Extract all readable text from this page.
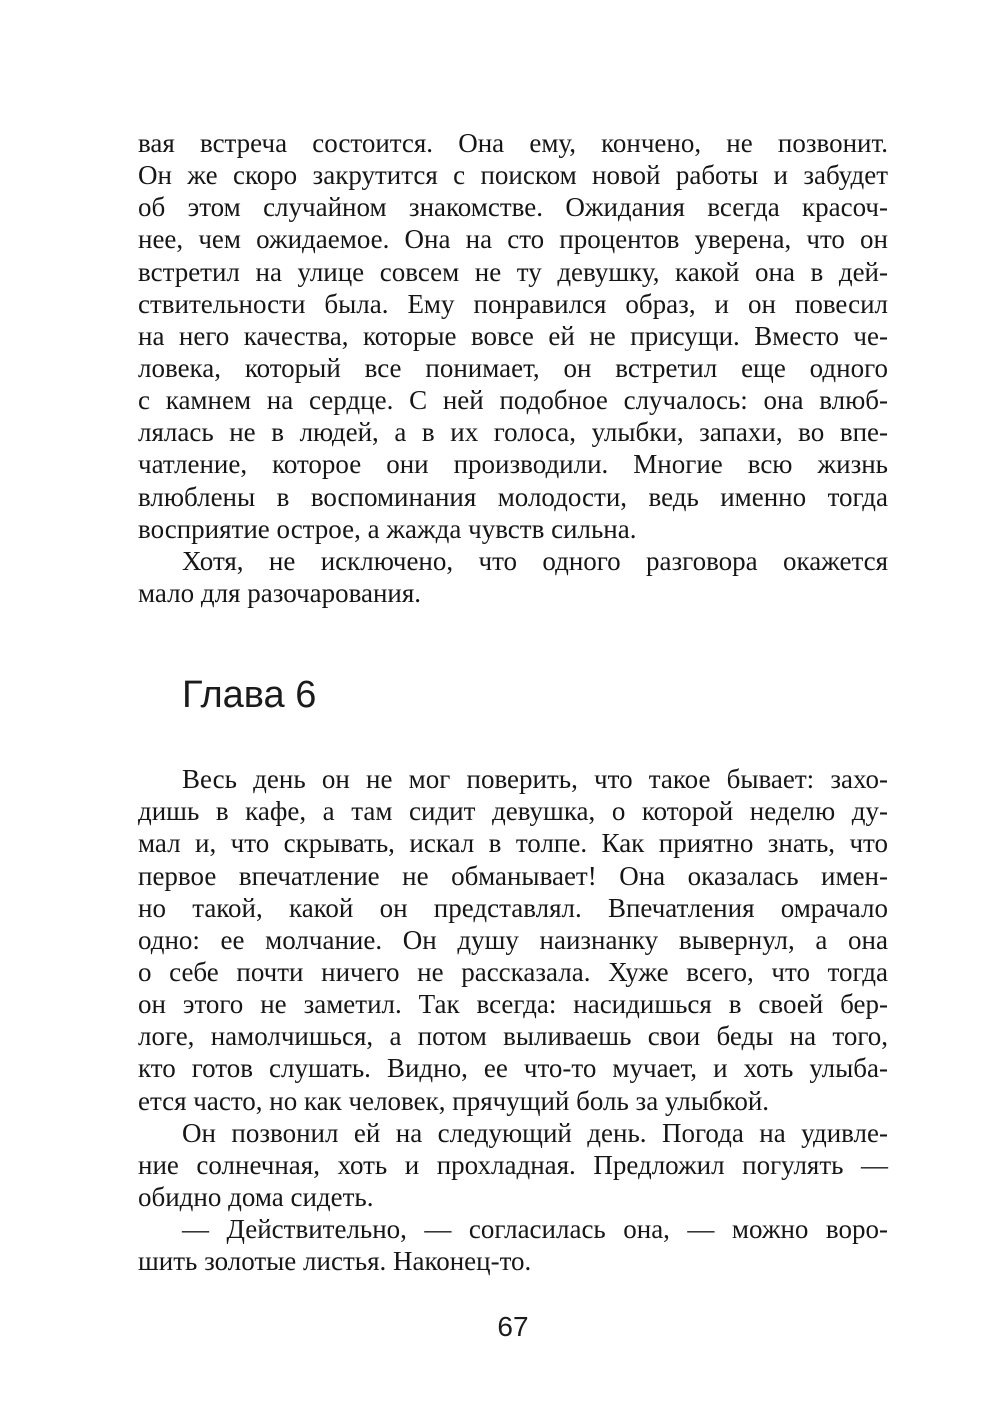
вая встреча состоится. Она ему, кончено, не позвонит.
Он же скоро закрутится с поиском новой работы и забудет
об этом случайном знакомстве. Ожидания всегда красоч-
нее, чем ожидаемое. Она на сто процентов уверена, что он
встретил на улице совсем не ту девушку, какой она в дей-
ствительности была. Ему понравился образ, и он повесил
на него качества, которые вовсе ей не присущи. Вместо че-
ловека, который все понимает, он встретил еще одного
с камнем на сердце. С ней подобное случалось: она влюб-
лялась не в людей, а в их голоса, улыбки, запахи, во впе-
чатление, которое они производили. Многие всю жизнь
влюблены в воспоминания молодости, ведь именно тогда
восприятие острое, а жажда чувств сильна.
Хотя, не исключено, что одного разговора окажется
мало для разочарования.
Глава 6
Весь день он не мог поверить, что такое бывает: захо-
дишь в кафе, а там сидит девушка, о которой неделю ду-
мал и, что скрывать, искал в толпе. Как приятно знать, что
первое впечатление не обманывает! Она оказалась имен-
но такой, какой он представлял. Впечатления омрачало
одно: ее молчание. Он душу наизнанку вывернул, а она
о себе почти ничего не рассказала. Хуже всего, что тогда
он этого не заметил. Так всегда: насидишься в своей бер-
логе, намолчишься, а потом выливаешь свои беды на того,
кто готов слушать. Видно, ее что-то мучает, и хоть улыба-
ется часто, но как человек, прячущий боль за улыбкой.
Он позвонил ей на следующий день. Погода на удивле-
ние солнечная, хоть и прохладная. Предложил погулять —
обидно дома сидеть.
— Действительно, — согласилась она, — можно воро-
шить золотые листья. Наконец-то.
67
